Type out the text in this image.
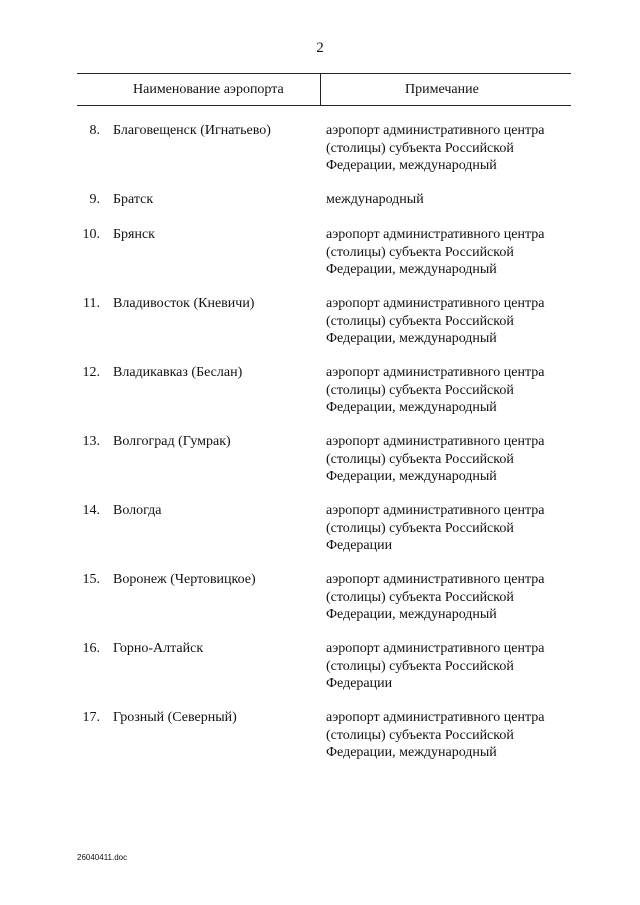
2
Наименование аэропорта	Примечание
8. Благовещенск (Игнатьево)	аэропорт административного центра (столицы) субъекта Российской Федерации, международный
9. Братск	международный
10. Брянск	аэропорт административного центра (столицы) субъекта Российской Федерации, международный
11. Владивосток (Кневичи)	аэропорт административного центра (столицы) субъекта Российской Федерации, международный
12. Владикавказ (Беслан)	аэропорт административного центра (столицы) субъекта Российской Федерации, международный
13. Волгоград (Гумрак)	аэропорт административного центра (столицы) субъекта Российской Федерации, международный
14. Вологда	аэропорт административного центра (столицы) субъекта Российской Федерации
15. Воронеж (Чертовицкое)	аэропорт административного центра (столицы) субъекта Российской Федерации, международный
16. Горно-Алтайск	аэропорт административного центра (столицы) субъекта Российской Федерации
17. Грозный (Северный)	аэропорт административного центра (столицы) субъекта Российской Федерации, международный
26040411.doc
